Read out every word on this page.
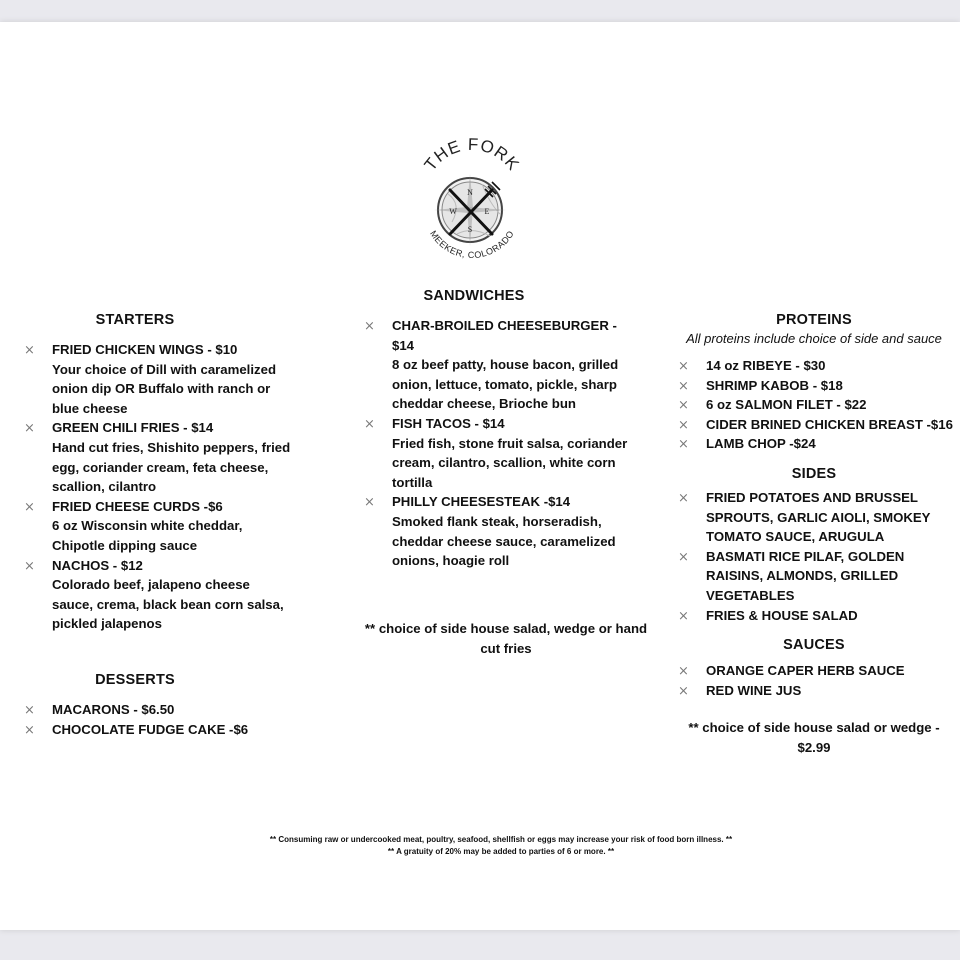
THE FORK
N
E
S
W
MEEKER, COLORADO
STARTERS
⨯ FRIED CHICKEN WINGS - $10
Your choice of Dill with caramelized onion dip OR Buffalo with ranch or blue cheese
⨯ GREEN CHILI FRIES - $14
Hand cut fries, Shishito peppers, fried egg, coriander cream, feta cheese, scallion, cilantro
⨯ FRIED CHEESE CURDS -$6
6 oz Wisconsin white cheddar, Chipotle dipping sauce
⨯ NACHOS - $12
Colorado beef, jalapeno cheese sauce, crema, black bean corn salsa, pickled jalapenos
DESSERTS
⨯ MACARONS - $6.50
⨯ CHOCOLATE FUDGE CAKE -$6
SANDWICHES
⨯ CHAR-BROILED CHEESEBURGER - $14
8 oz beef patty, house bacon, grilled onion, lettuce, tomato, pickle, sharp cheddar cheese, Brioche bun
⨯ FISH TACOS - $14
Fried fish, stone fruit salsa, coriander cream, cilantro, scallion, white corn tortilla
⨯ PHILLY CHEESESTEAK -$14
Smoked flank steak, horseradish, cheddar cheese sauce, caramelized onions, hoagie roll
** choice of side house salad, wedge or hand cut fries
PROTEINS
All proteins include choice of side and sauce
⨯ 14 oz RIBEYE - $30
⨯ SHRIMP KABOB - $18
⨯ 6 oz SALMON FILET - $22
⨯ CIDER BRINED CHICKEN BREAST -$16
⨯ LAMB CHOP -$24
SIDES
⨯ FRIED POTATOES AND BRUSSEL SPROUTS, GARLIC AIOLI, SMOKEY TOMATO SAUCE, ARUGULA
⨯ BASMATI RICE PILAF, GOLDEN RAISINS, ALMONDS, GRILLED VEGETABLES
⨯ FRIES & HOUSE SALAD
SAUCES
⨯ ORANGE CAPER HERB SAUCE
⨯ RED WINE JUS
** choice of side house salad or wedge - $2.99
** Consuming raw or undercooked meat, poultry, seafood, shellfish or eggs may increase your risk of food born illness. **
** A gratuity of 20% may be added to parties of 6 or more. **
